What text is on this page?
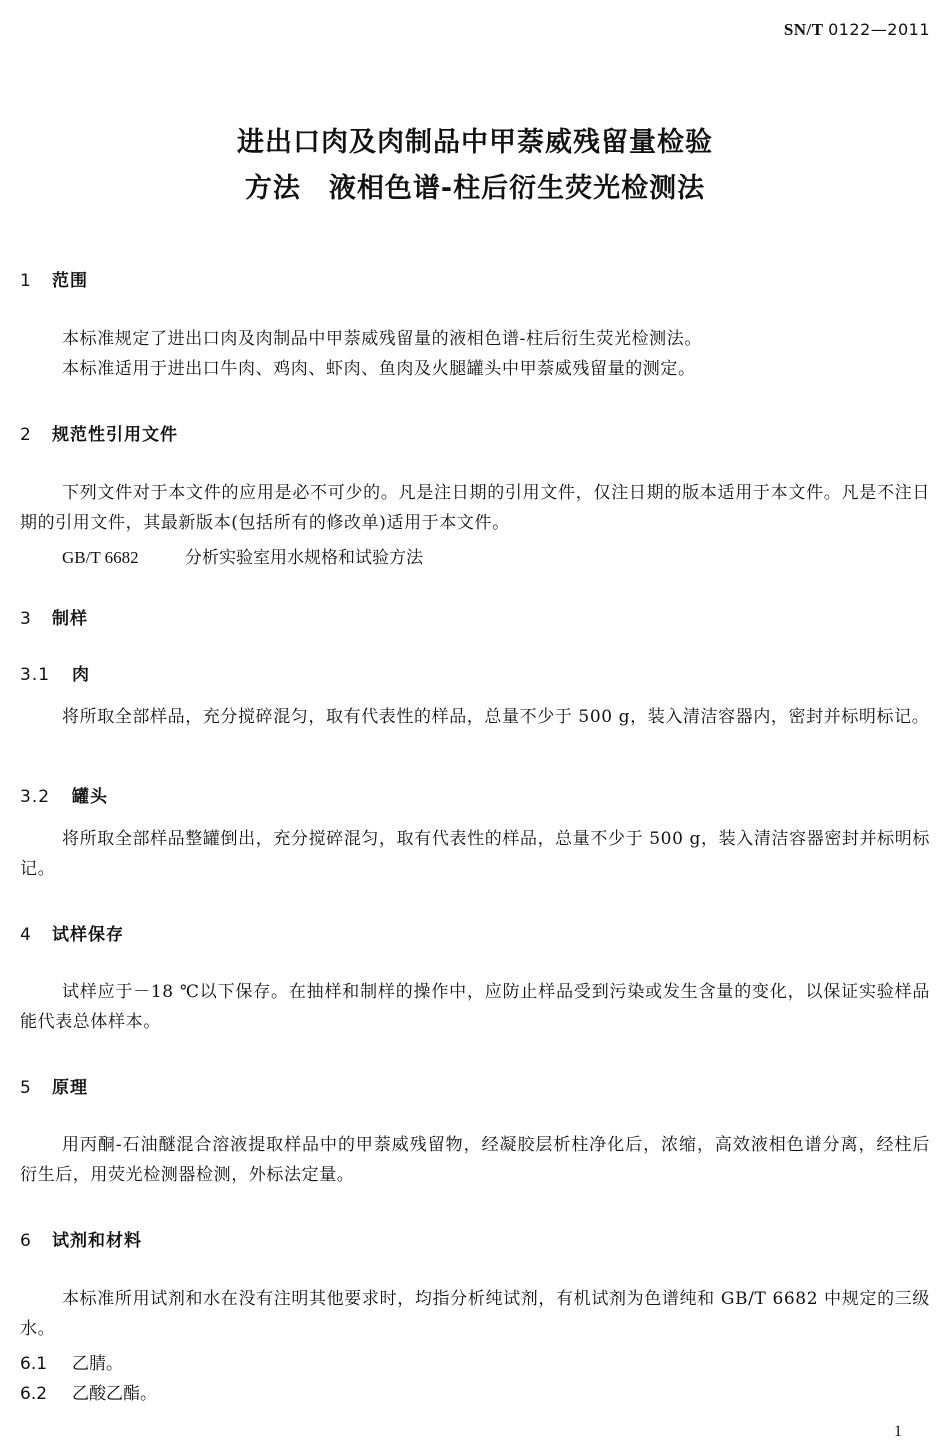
SN/T 0122—2011
进出口肉及肉制品中甲萘威残留量检验
方法　液相色谱-柱后衍生荧光检测法
1 范围
本标准规定了进出口肉及肉制品中甲萘威残留量的液相色谱-柱后衍生荧光检测法。
本标准适用于进出口牛肉、鸡肉、虾肉、鱼肉及火腿罐头中甲萘威残留量的测定。
2 规范性引用文件
下列文件对于本文件的应用是必不可少的。凡是注日期的引用文件，仅注日期的版本适用于本文件。凡是不注日期的引用文件，其最新版本(包括所有的修改单)适用于本文件。
GB/T 6682	分析实验室用水规格和试验方法
3 制样
3.1 肉
将所取全部样品，充分搅碎混匀，取有代表性的样品，总量不少于 500 g，装入清洁容器内，密封并标明标记。
3.2 罐头
将所取全部样品整罐倒出，充分搅碎混匀，取有代表性的样品，总量不少于 500 g，装入清洁容器密封并标明标记。
4 试样保存
试样应于－18 ℃以下保存。在抽样和制样的操作中，应防止样品受到污染或发生含量的变化，以保证实验样品能代表总体样本。
5 原理
用丙酮-石油醚混合溶液提取样品中的甲萘威残留物，经凝胶层析柱净化后，浓缩，高效液相色谱分离，经柱后衍生后，用荧光检测器检测，外标法定量。
6 试剂和材料
本标准所用试剂和水在没有注明其他要求时，均指分析纯试剂，有机试剂为色谱纯和 GB/T 6682 中规定的三级水。
6.1 乙腈。
6.2 乙酸乙酯。
1
